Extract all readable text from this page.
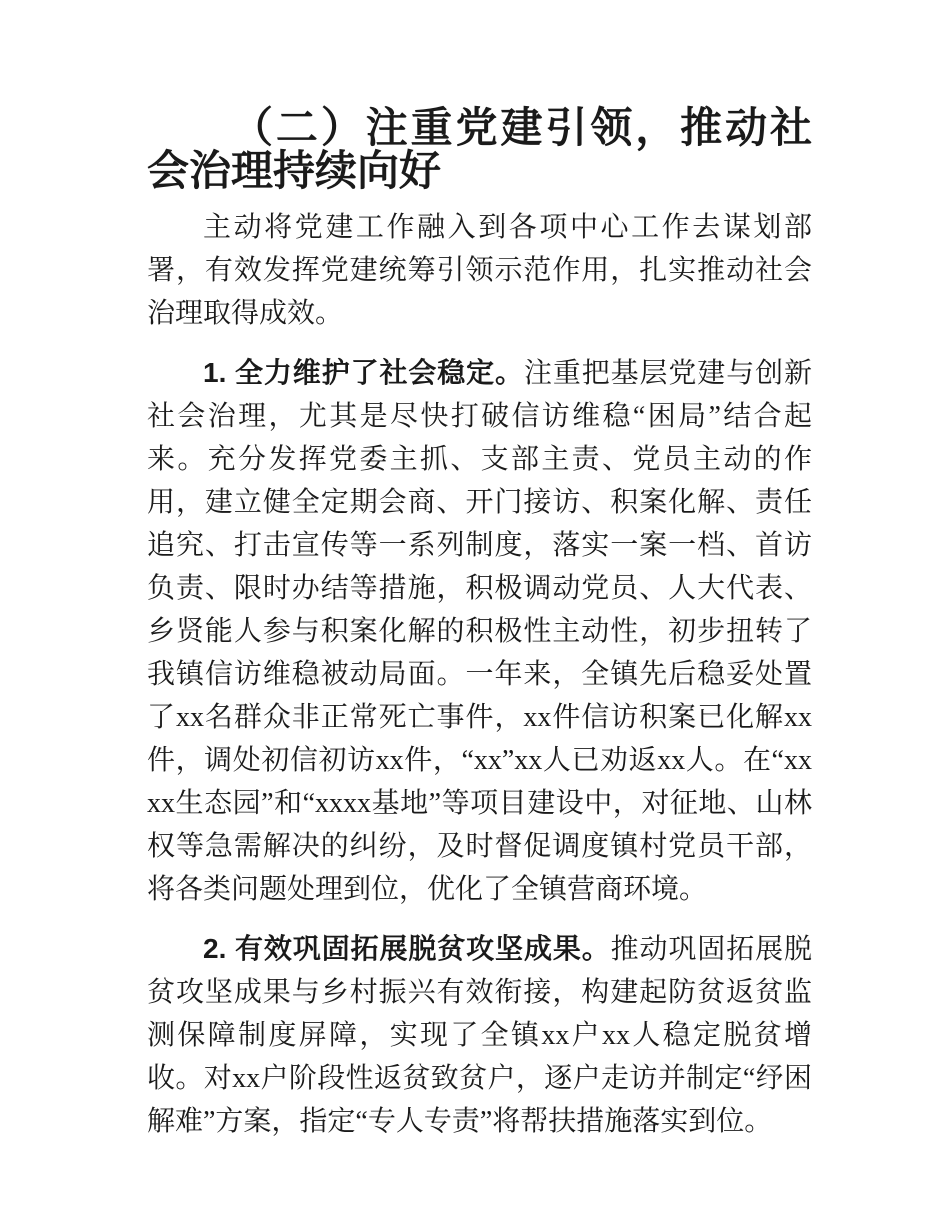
（二）注重党建引领，推动社会治理持续向好

主动将党建工作融入到各项中心工作去谋划部署，有效发挥党建统筹引领示范作用，扎实推动社会治理取得成效。

1. 全力维护了社会稳定。注重把基层党建与创新社会治理，尤其是尽快打破信访维稳“困局”结合起来。充分发挥党委主抓、支部主责、党员主动的作用，建立健全定期会商、开门接访、积案化解、责任追究、打击宣传等一系列制度，落实一案一档、首访负责、限时办结等措施，积极调动党员、人大代表、乡贤能人参与积案化解的积极性主动性，初步扭转了我镇信访维稳被动局面。一年来，全镇先后稳妥处置了xx名群众非正常死亡事件，xx件信访积案已化解xx件，调处初信初访xx件，“xx”xx人已劝返xx人。在“xxxx生态园”和“xxxx基地”等项目建设中，对征地、山林权等急需解决的纠纷，及时督促调度镇村党员干部，将各类问题处理到位，优化了全镇营商环境。

2. 有效巩固拓展脱贫攻坚成果。推动巩固拓展脱贫攻坚成果与乡村振兴有效衔接，构建起防贫返贫监测保障制度屏障，实现了全镇xx户xx人稳定脱贫增收。对xx户阶段性返贫致贫户，逐户走访并制定“纾困解难”方案，指定“专人专责”将帮扶措施落实到位。
